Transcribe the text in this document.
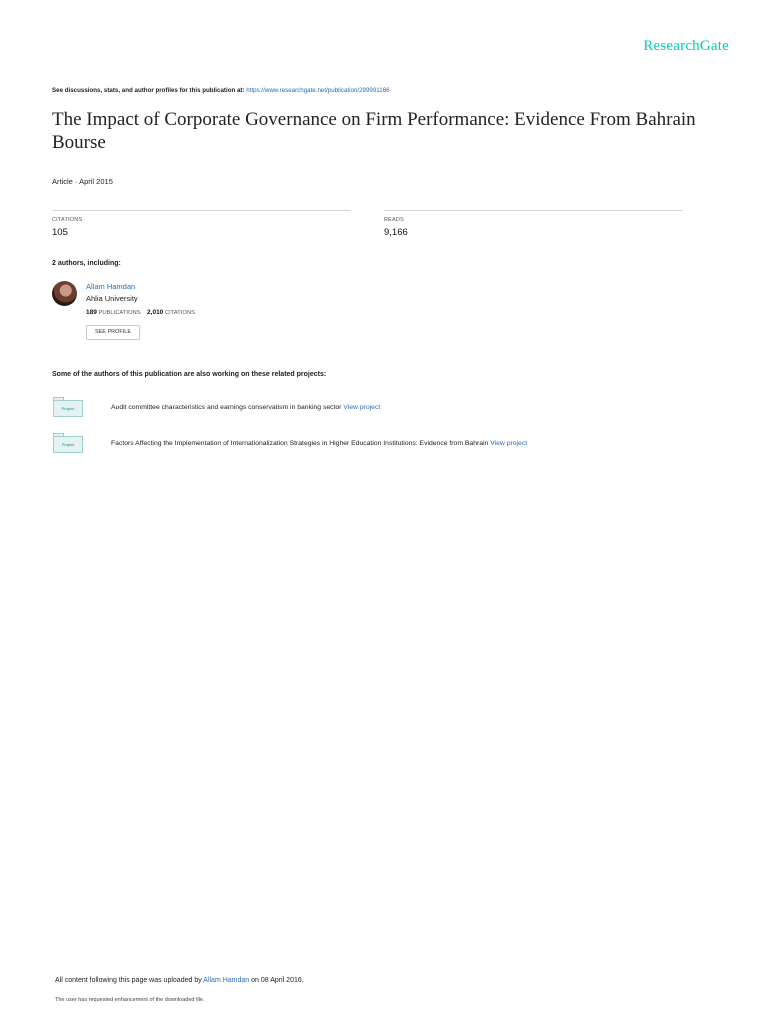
ResearchGate
See discussions, stats, and author profiles for this publication at: https://www.researchgate.net/publication/299991166
The Impact of Corporate Governance on Firm Performance: Evidence From Bahrain Bourse
Article · April 2015
CITATIONS
105
READS
9,166
2 authors, including:
Allam Hamdan
Ahlia University
189 PUBLICATIONS 2,010 CITATIONS
SEE PROFILE
Some of the authors of this publication are also working on these related projects:
Project	Audit committee characteristics and earnings conservatism in banking sector View project
Project	Factors Affecting the Implementation of Internationalization Strategies in Higher Education Institutions: Evidence from Bahrain View project
All content following this page was uploaded by Allam Hamdan on 08 April 2016.
The user has requested enhancement of the downloaded file.
